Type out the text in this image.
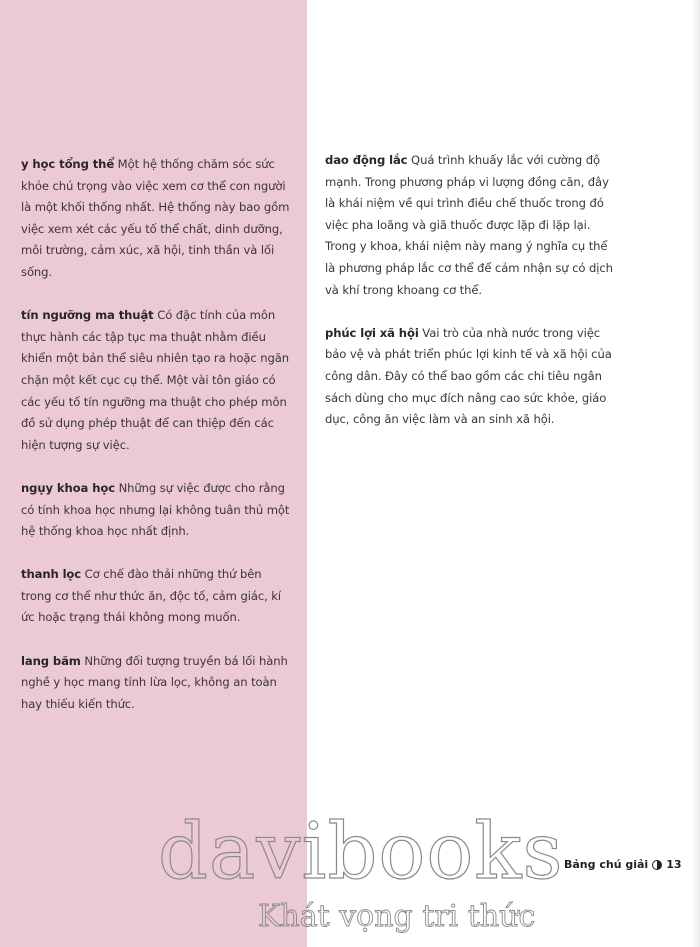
y học tổng thể Một hệ thống chăm sóc sức khỏe chú trọng vào việc xem cơ thể con người là một khối thống nhất. Hệ thống này bao gồm việc xem xét các yếu tố thể chất, dinh dưỡng, môi trường, cảm xúc, xã hội, tinh thần và lối sống.

tín ngưỡng ma thuật Có đặc tính của môn thực hành các tập tục ma thuật nhằm điều khiển một bản thể siêu nhiên tạo ra hoặc ngăn chặn một kết cục cụ thể. Một vài tôn giáo có các yếu tố tín ngưỡng ma thuật cho phép môn đồ sử dụng phép thuật để can thiệp đến các hiện tượng sự việc.

ngụy khoa học Những sự việc được cho rằng có tính khoa học nhưng lại không tuân thủ một hệ thống khoa học nhất định.

thanh lọc Cơ chế đào thải những thứ bên trong cơ thể như thức ăn, độc tố, cảm giác, kí ức hoặc trạng thái không mong muốn.

lang băm Những đối tượng truyền bá lối hành nghề y học mang tính lừa lọc, không an toàn hay thiếu kiến thức.

dao động lắc Quá trình khuấy lắc với cường độ mạnh. Trong phương pháp vi lượng đồng căn, đây là khái niệm về qui trình điều chế thuốc trong đó việc pha loãng và giã thuốc được lặp đi lặp lại. Trong y khoa, khái niệm này mang ý nghĩa cụ thể là phương pháp lắc cơ thể để cảm nhận sự có dịch và khí trong khoang cơ thể.

phúc lợi xã hội Vai trò của nhà nước trong việc bảo vệ và phát triển phúc lợi kinh tế và xã hội của công dân. Đây có thể bao gồm các chi tiêu ngân sách dùng cho mục đích nâng cao sức khỏe, giáo dục, công ăn việc làm và an sinh xã hội.

davibooks
Khát vọng tri thức
Bảng chú giải 13
